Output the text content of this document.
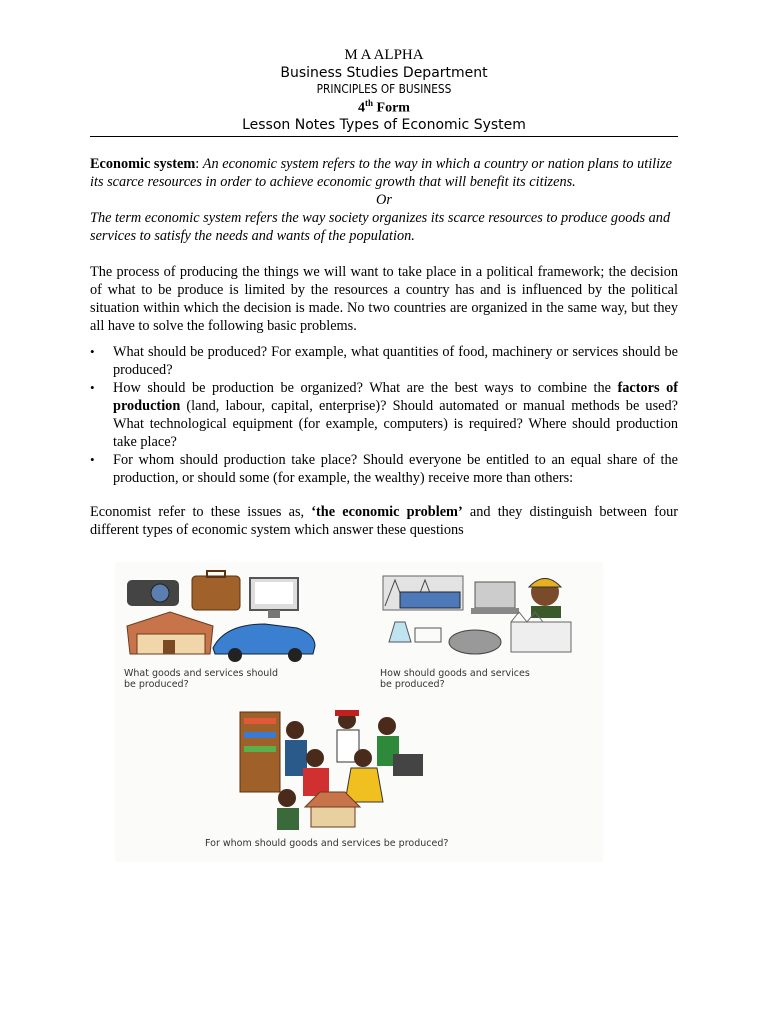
M A ALPHA
Business Studies Department
PRINCIPLES OF BUSINESS
4th Form
Lesson Notes Types of Economic System
Economic system: An economic system refers to the way in which a country or nation plans to utilize its scarce resources in order to achieve economic growth that will benefit its citizens.
Or
The term economic system refers the way society organizes its scarce resources to produce goods and services to satisfy the needs and wants of the population.
The process of producing the things we will want to take place in a political framework; the decision of what to be produce is limited by the resources a country has and is influenced by the political situation within which the decision is made. No two countries are organized in the same way, but they all have to solve the following basic problems.
• What should be produced? For example, what quantities of food, machinery or services should be produced?
• How should be production be organized? What are the best ways to combine the factors of production (land, labour, capital, enterprise)? Should automated or manual methods be used? What technological equipment (for example, computers) is required? Where should production take place?
• For whom should production take place? Should everyone be entitled to an equal share of the production, or should some (for example, the wealthy) receive more than others:
Economist refer to these issues as, ‘the economic problem’ and they distinguish between four different types of economic system which answer these questions
What goods and services should
be produced?
How should goods and services
be produced?
For whom should goods and services be produced?
